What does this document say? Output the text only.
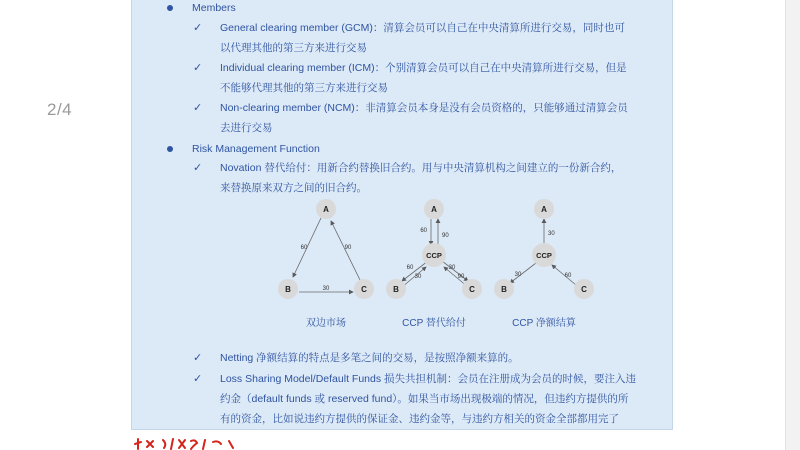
2/4
Members
✓ General clearing member (GCM)：清算会员可以自己在中央清算所进行交易，同时也可
以代理其他的第三方来进行交易
✓ Individual clearing member (ICM)：个别清算会员可以自己在中央清算所进行交易，但是
不能够代理其他的第三方来进行交易
✓ Non-clearing member (NCM)：非清算会员本身是没有会员资格的，只能够通过清算会员
去进行交易
Risk Management Function
✓ Novation 替代给付：用新合约替换旧合约。用与中央清算机构之间建立的一份新合约，
来替换原来双方之间的旧合约。
60	90
30
A
B	C
双边市场
60
90
60
30
30
90
A
CCP
B	C
CCP 替代给付
30
30	60
A
CCP
B	C
CCP 净额结算
✓ Netting 净额结算的特点是多笔之间的交易，是按照净额来算的。
✓ Loss Sharing Model/Default Funds 损失共担机制：会员在注册成为会员的时候，要注入违
约金（default funds 或 reserved fund）。如果当市场出现极端的情况，但违约方提供的所
有的资金，比如说违约方提供的保证金、违约金等，与违约方相关的资金全部都用完了
